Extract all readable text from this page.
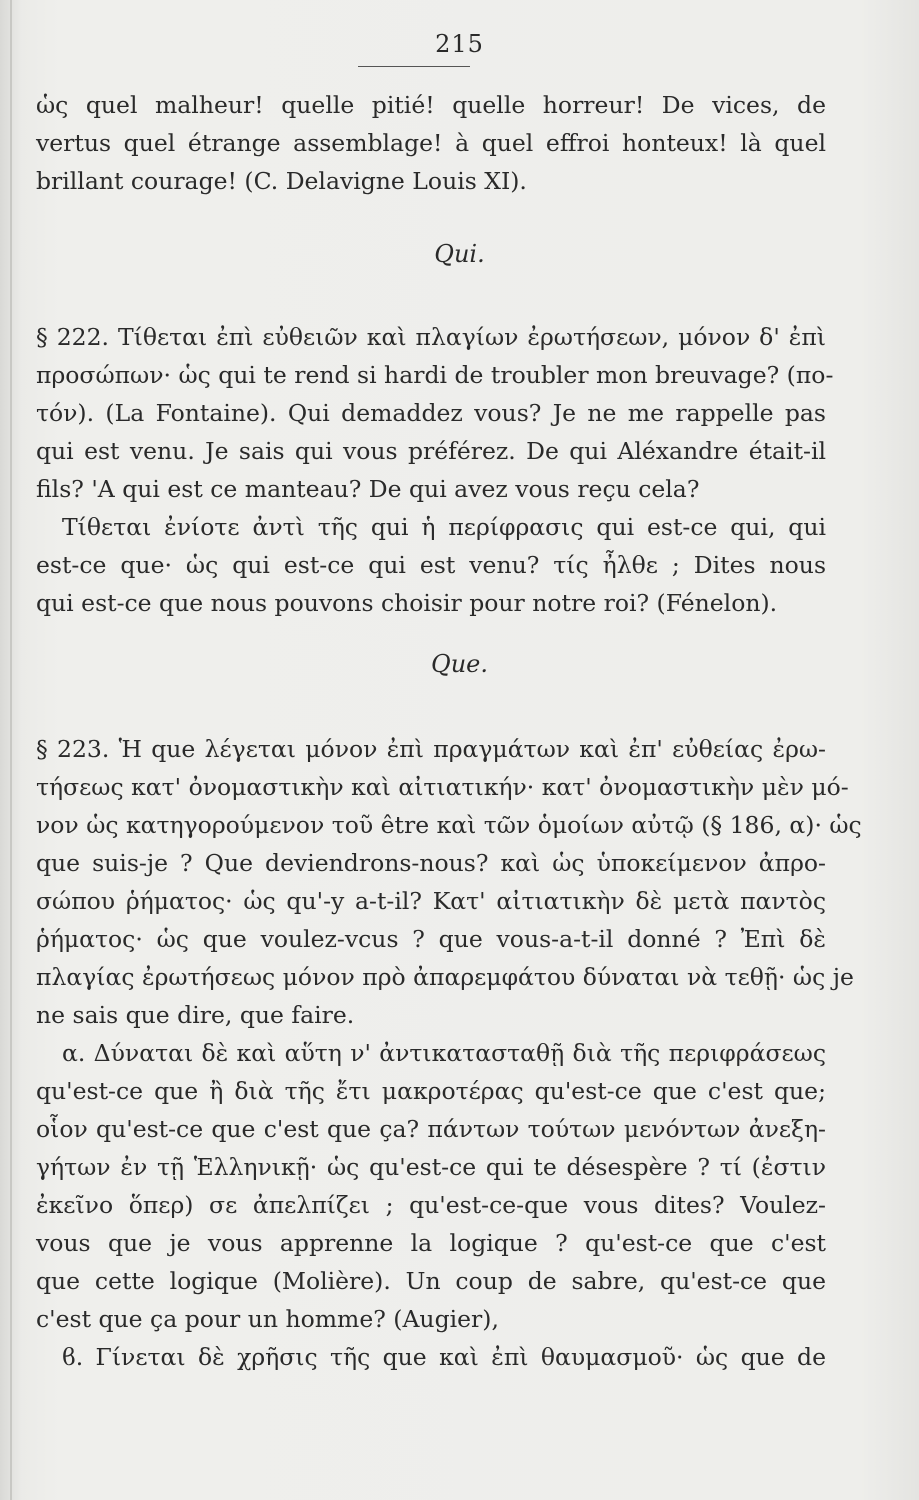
215
ὡς quel malheur! quelle pitié! quelle horreur! De vices, de
vertus quel étrange assemblage! à quel effroi honteux! là quel
brillant courage! (C. Delavigne Louis XI).
Qui.
§ 222. Τίθεται ἐπὶ εὐθειῶν καὶ πλαγίων ἐρωτήσεων, μόνον δ' ἐπὶ
προσώπων· ὡς qui te rend si hardi de troubler mon breuvage? (πο-
τόν). (La Fontaine). Qui demaddez vous? Je ne me rappelle pas
qui est venu. Je sais qui vous préférez. De qui Aléxandre était-il
fils? 'A qui est ce manteau? De qui avez vous reçu cela?
Τίθεται ἐνίοτε ἀντὶ τῆς qui ἡ περίφρασις qui est-ce qui, qui
est-ce que· ὡς qui est-ce qui est venu? τίς ἦλθε ; Dites nous
qui est-ce que nous pouvons choisir pour notre roi? (Fénelon).
Que.
§ 223. Ἡ que λέγεται μόνον ἐπὶ πραγμάτων καὶ ἐπ' εὐθείας ἐρω-
τήσεως κατ' ὀνομαστικὴν καὶ αἰτιατικήν· κατ' ὀνομαστικὴν μὲν μό-
νον ὡς κατηγορούμενον τοῦ être καὶ τῶν ὁμοίων αὐτῷ (§ 186, α)· ὡς
que suis-je ? Que deviendrons-nous? καὶ ὡς ὑποκείμενον ἀπρο-
σώπου ῥήματος· ὡς qu'-y a-t-il? Κατ' αἰτιατικὴν δὲ μετὰ παντὸς
ῥήματος· ὡς que voulez-vcus ? que vous-a-t-il donné ? Ἐπὶ δὲ
πλαγίας ἐρωτήσεως μόνον πρὸ ἀπαρεμφάτου δύναται νὰ τεθῇ· ὡς je
ne sais que dire, que faire.
α. Δύναται δὲ καὶ αὕτη ν' ἀντικατασταθῇ διὰ τῆς περιφράσεως
qu'est-ce que ἢ διὰ τῆς ἔτι μακροτέρας qu'est-ce que c'est que;
οἷον qu'est-ce que c'est que ça? πάντων τούτων μενόντων ἀνεξη-
γήτων ἐν τῇ Ἑλληνικῇ· ὡς qu'est-ce qui te désespère ? τί (ἐστιν
ἐκεῖνο ὅπερ) σε ἀπελπίζει ; qu'est-ce-que vous dites? Voulez-
vous que je vous apprenne la logique ? qu'est-ce que c'est
que cette logique (Molière). Un coup de sabre, qu'est-ce que
c'est que ça pour un homme? (Augier),
ϐ. Γίνεται δὲ χρῆσις τῆς que καὶ ἐπὶ θαυμασμοῦ· ὡς que de
